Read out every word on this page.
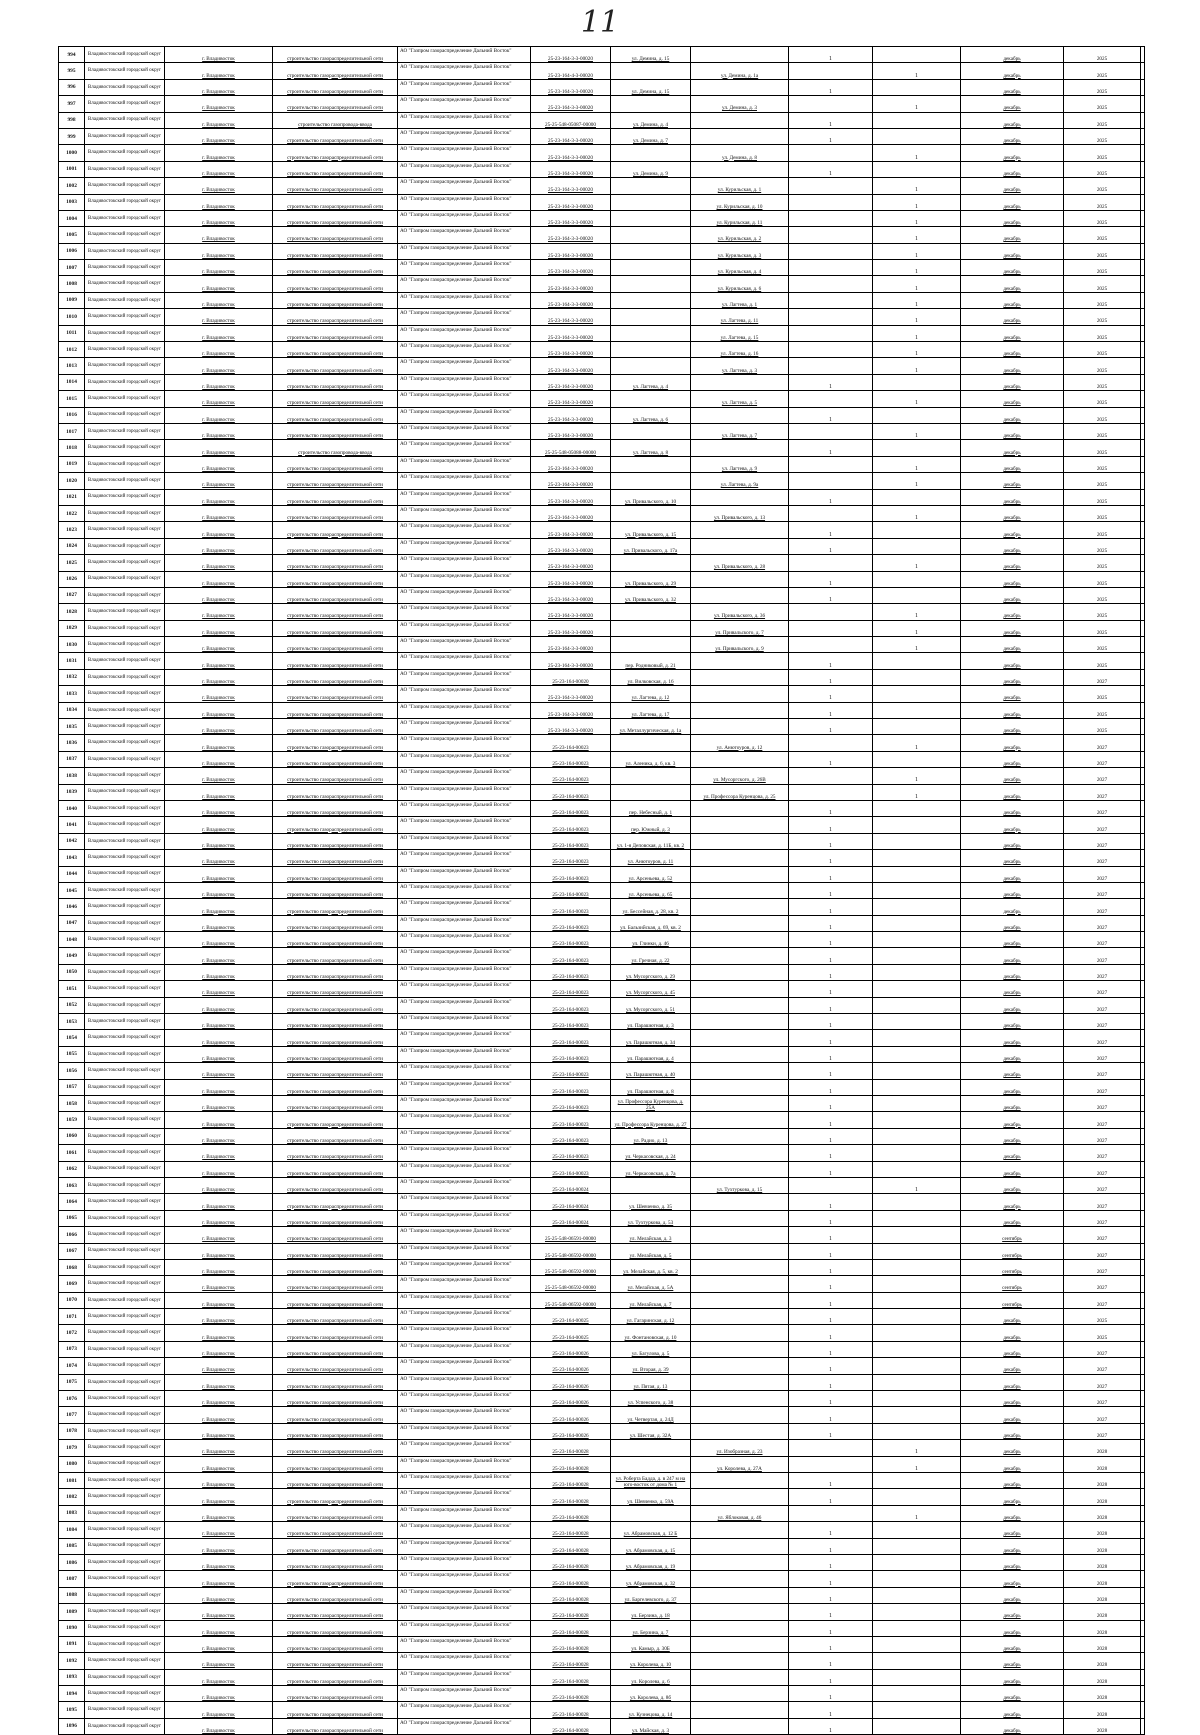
11
994	Владивостокский городской округ	г. Владивосток	строительство газораспределительной сети	АО "Газпром газораспределение Дальний Восток"	25-23-164-3-3-00020	ул. Демина, д. 15		1		декабрь	2025	
995	Владивостокский городской округ	г. Владивосток	строительство газораспределительной сети	АО "Газпром газораспределение Дальний Восток"	25-23-164-4-3-00020		ул. Демина, д. 1а		1	декабрь	2025	
996	Владивостокский городской округ	г. Владивосток	строительство газораспределительной сети	АО "Газпром газораспределение Дальний Восток"	25-23-164-3-3-00020	ул. Демина, д. 15		1		декабрь	2025	
997	Владивостокский городской округ	г. Владивосток	строительство газораспределительной сети	АО "Газпром газораспределение Дальний Восток"	25-23-164-3-3-00020		ул. Демина, д. 3		1	декабрь	2025	
998	Владивостокский городской округ	г. Владивосток	строительство газопровода-ввода	АО "Газпром газораспределение Дальний Восток"	25-25-548-05087-00000	ул. Демина, д. 4		1		декабрь	2025	
999	Владивостокский городской округ	г. Владивосток	строительство газораспределительной сети	АО "Газпром газораспределение Дальний Восток"	25-23-164-3-3-00020	ул. Демина, д. 7		1		декабрь	2025	
1000	Владивостокский городской округ	г. Владивосток	строительство газораспределительной сети	АО "Газпром газораспределение Дальний Восток"	25-23-164-3-3-00020		ул. Демина, д. 8		1	декабрь	2025	
1001	Владивостокский городской округ	г. Владивосток	строительство газораспределительной сети	АО "Газпром газораспределение Дальний Восток"	25-23-164-3-3-00020	ул. Демина, д. 9		1		декабрь	2025	
1002	Владивостокский городской округ	г. Владивосток	строительство газораспределительной сети	АО "Газпром газораспределение Дальний Восток"	25-23-164-3-3-00020		ул. Курильская, д. 1		1	декабрь	2025	
1003	Владивостокский городской округ	г. Владивосток	строительство газораспределительной сети	АО "Газпром газораспределение Дальний Восток"	25-23-164-3-3-00020		ул. Курильская, д. 10		1	декабрь	2025	
1004	Владивостокский городской округ	г. Владивосток	строительство газораспределительной сети	АО "Газпром газораспределение Дальний Восток"	25-23-164-3-3-00020		ул. Курильская, д. 11		1	декабрь	2025	
1005	Владивостокский городской округ	г. Владивосток	строительство газораспределительной сети	АО "Газпром газораспределение Дальний Восток"	25-23-164-3-3-00020		ул. Курильская, д. 2		1	декабрь	2025	
1006	Владивостокский городской округ	г. Владивосток	строительство газораспределительной сети	АО "Газпром газораспределение Дальний Восток"	25-23-164-3-3-00020		ул. Курильская, д. 3		1	декабрь	2025	
1007	Владивостокский городской округ	г. Владивосток	строительство газораспределительной сети	АО "Газпром газораспределение Дальний Восток"	25-23-164-3-3-00020		ул. Курильская, д. 4		1	декабрь	2025	
1008	Владивостокский городской округ	г. Владивосток	строительство газораспределительной сети	АО "Газпром газораспределение Дальний Восток"	25-23-164-3-3-00020		ул. Курильская, д. 6		1	декабрь	2025	
1009	Владивостокский городской округ	г. Владивосток	строительство газораспределительной сети	АО "Газпром газораспределение Дальний Восток"	25-23-164-3-3-00020		ул. Лагтева, д. 1		1	декабрь	2025	
1010	Владивостокский городской округ	г. Владивосток	строительство газораспределительной сети	АО "Газпром газораспределение Дальний Восток"	25-23-164-3-3-00020		ул. Лагтева, д. 11		1	декабрь	2025	
1011	Владивостокский городской округ	г. Владивосток	строительство газораспределительной сети	АО "Газпром газораспределение Дальний Восток"	25-23-164-3-3-00020		ул. Лагтева, д. 15		1	декабрь	2025	
1012	Владивостокский городской округ	г. Владивосток	строительство газораспределительной сети	АО "Газпром газораспределение Дальний Восток"	25-23-164-3-3-00020		ул. Лагтева, д. 16		1	декабрь	2025	
1013	Владивостокский городской округ	г. Владивосток	строительство газораспределительной сети	АО "Газпром газораспределение Дальний Восток"	25-23-164-3-3-00020		ул. Лагтева, д. 3		1	декабрь	2025	
1014	Владивостокский городской округ	г. Владивосток	строительство газораспределительной сети	АО "Газпром газораспределение Дальний Восток"	25-23-164-3-3-00020	ул. Лагтева, д. 4		1		декабрь	2025	
1015	Владивостокский городской округ	г. Владивосток	строительство газораспределительной сети	АО "Газпром газораспределение Дальний Восток"	25-23-164-3-3-00020		ул. Лагтева, д. 5		1	декабрь	2025	
1016	Владивостокский городской округ	г. Владивосток	строительство газораспределительной сети	АО "Газпром газораспределение Дальний Восток"	25-23-164-3-3-00020	ул. Лагтева, д. 6		1		декабрь	2025	
1017	Владивостокский городской округ	г. Владивосток	строительство газораспределительной сети	АО "Газпром газораспределение Дальний Восток"	25-23-164-3-3-00020		ул. Лагтева, д. 7		1	декабрь	2025	
1018	Владивостокский городской округ	г. Владивосток	строительство газопровода-ввода	АО "Газпром газораспределение Дальний Восток"	25-25-548-05088-00000	ул. Лагтева, д. 8		1		декабрь	2025	
1019	Владивостокский городской округ	г. Владивосток	строительство газораспределительной сети	АО "Газпром газораспределение Дальний Восток"	25-23-164-3-3-00020		ул. Лагтева, д. 9		1	декабрь	2025	
1020	Владивостокский городской округ	г. Владивосток	строительство газораспределительной сети	АО "Газпром газораспределение Дальний Восток"	25-23-164-3-3-00020		ул. Лагтева, д. 9а		1	декабрь	2025	
1021	Владивостокский городской округ	г. Владивосток	строительство газораспределительной сети	АО "Газпром газораспределение Дальний Восток"	25-23-164-3-3-00020	ул. Привальского, д. 10		1		декабрь	2025	
1022	Владивостокский городской округ	г. Владивосток	строительство газораспределительной сети	АО "Газпром газораспределение Дальний Восток"	25-23-164-3-3-00020		ул. Привальского, д. 13		1	декабрь	2025	
1023	Владивостокский городской округ	г. Владивосток	строительство газораспределительной сети	АО "Газпром газораспределение Дальний Восток"	25-23-164-3-3-00020	ул. Привальского, д. 15		1		декабрь	2025	
1024	Владивостокский городской округ	г. Владивосток	строительство газораспределительной сети	АО "Газпром газораспределение Дальний Восток"	25-23-164-3-3-00020	ул. Привальского, д. 17а		1		декабрь	2025	
1025	Владивостокский городской округ	г. Владивосток	строительство газораспределительной сети	АО "Газпром газораспределение Дальний Восток"	25-23-164-3-3-00020		ул. Привальского, д. 28		1	декабрь	2025	
1026	Владивостокский городской округ	г. Владивосток	строительство газораспределительной сети	АО "Газпром газораспределение Дальний Восток"	25-23-164-3-3-00020	ул. Привальского, д. 29		1		декабрь	2025	
1027	Владивостокский городской округ	г. Владивосток	строительство газораспределительной сети	АО "Газпром газораспределение Дальний Восток"	25-23-164-3-3-00020	ул. Привальского, д. 32		1		декабрь	2025	
1028	Владивостокский городской округ	г. Владивосток	строительство газораспределительной сети	АО "Газпром газораспределение Дальний Восток"	25-23-164-3-3-00020		ул. Привальского, д. 36		1	декабрь	2025	
1029	Владивостокский городской округ	г. Владивосток	строительство газораспределительной сети	АО "Газпром газораспределение Дальний Восток"	25-23-164-3-3-00020		ул. Привальского, д. 7		1	декабрь	2025	
1030	Владивостокский городской округ	г. Владивосток	строительство газораспределительной сети	АО "Газпром газораспределение Дальний Восток"	25-23-164-3-3-00020		ул. Привальского, д. 9		1	декабрь	2025	
1031	Владивостокский городской округ	г. Владивосток	строительство газораспределительной сети	АО "Газпром газораспределение Дальний Восток"	25-23-164-3-3-00020	пер. Родниковый, д. 21		1		декабрь	2025	
1032	Владивостокский городской округ	г. Владивосток	строительство газораспределительной сети	АО "Газпром газораспределение Дальний Восток"	25-23-164-00020	ул. Вилковская, д. 16		1		декабрь	2027	
1033	Владивостокский городской округ	г. Владивосток	строительство газораспределительной сети	АО "Газпром газораспределение Дальний Восток"	25-23-164-3-3-00020	ул. Лагтева, д. 12		1		декабрь	2025	
1034	Владивостокский городской округ	г. Владивосток	строительство газораспределительной сети	АО "Газпром газораспределение Дальний Восток"	25-23-164-3-3-00020	ул. Лагтева, д. 17		1		декабрь	2025	
1035	Владивостокский городской округ	г. Владивосток	строительство газораспределительной сети	АО "Газпром газораспределение Дальний Восток"	25-23-164-3-3-00020	ул. Металлургическая, д. 1а		1		декабрь	2025	
1036	Владивостокский городской округ	г. Владивосток	строительство газораспределительной сети	АО "Газпром газораспределение Дальний Восток"	25-23-164-00023		ул. Анютоуров, д. 12		1	декабрь	2027	
1037	Владивостокский городской округ	г. Владивосток	строительство газораспределительной сети	АО "Газпром газораспределение Дальний Восток"	25-23-164-00023	ул. Аленика, д. 6, кв. 3		1		декабрь	2027	
1038	Владивостокский городской округ	г. Владивосток	строительство газораспределительной сети	АО "Газпром газораспределение Дальний Восток"	25-23-164-00023		ул. Мусоргского, д. 26В		1	декабрь	2027	
1039	Владивостокский городской округ	г. Владивосток	строительство газораспределительной сети	АО "Газпром газораспределение Дальний Восток"	25-23-164-00023		ул. Профессора Куренцова, д. 25		1	декабрь	2027	
1040	Владивостокский городской округ	г. Владивосток	строительство газораспределительной сети	АО "Газпром газораспределение Дальний Восток"	25-23-164-00023	пер. Небесный, д. 1		1		декабрь	2027	
1041	Владивостокский городской округ	г. Владивосток	строительство газораспределительной сети	АО "Газпром газораспределение Дальний Восток"	25-23-164-00023	пер. Южный, д. 3		1		декабрь	2027	
1042	Владивостокский городской округ	г. Владивосток	строительство газораспределительной сети	АО "Газпром газораспределение Дальний Восток"	25-23-164-00023	ул. 1-я Деповская, д. 11Б, кв. 2		1		декабрь	2027	
1043	Владивостокский городской округ	г. Владивосток	строительство газораспределительной сети	АО "Газпром газораспределение Дальний Восток"	25-23-164-00023	ул. Анютоуров, д. 11		1		декабрь	2027	
1044	Владивостокский городской округ	г. Владивосток	строительство газораспределительной сети	АО "Газпром газораспределение Дальний Восток"	25-23-164-00023	ул. Арсеньева, д. 52		1		декабрь	2027	
1045	Владивостокский городской округ	г. Владивосток	строительство газораспределительной сети	АО "Газпром газораспределение Дальний Восток"	25-23-164-00023	ул. Арсеньева, д. 65		1		декабрь	2027	
1046	Владивостокский городской округ	г. Владивосток	строительство газораспределительной сети	АО "Газпром газораспределение Дальний Восток"	25-23-164-00023	ул. Бессейная, д. 28, кв. 2		1		декабрь	2027	
1047	Владивостокский городской округ	г. Владивосток	строительство газораспределительной сети	АО "Газпром газораспределение Дальний Восток"	25-23-164-00023	ул. Бальзийская, д. 69, кв. 2		1		декабрь	2027	
1048	Владивостокский городской округ	г. Владивосток	строительство газораспределительной сети	АО "Газпром газораспределение Дальний Восток"	25-23-164-00023	ул. Глинки, д. 46		1		декабрь	2027	
1049	Владивостокский городской округ	г. Владивосток	строительство газораспределительной сети	АО "Газпром газораспределение Дальний Восток"	25-23-164-00023	ул. Гречная, д. 22		1		декабрь	2027	
1050	Владивостокский городской округ	г. Владивосток	строительство газораспределительной сети	АО "Газпром газораспределение Дальний Восток"	25-23-164-00023	ул. Мусоргского, д. 29		1		декабрь	2027	
1051	Владивостокский городской округ	г. Владивосток	строительство газораспределительной сети	АО "Газпром газораспределение Дальний Восток"	25-23-164-00023	ул. Мусоргского, д. 45		1		декабрь	2027	
1052	Владивостокский городской округ	г. Владивосток	строительство газораспределительной сети	АО "Газпром газораспределение Дальний Восток"	25-23-164-00023	ул. Мусоргского, д. 51		1		декабрь	2027	
1053	Владивостокский городской округ	г. Владивосток	строительство газораспределительной сети	АО "Газпром газораспределение Дальний Восток"	25-23-164-00023	ул. Парашютная, д. 3		1		декабрь	2027	
1054	Владивостокский городской округ	г. Владивосток	строительство газораспределительной сети	АО "Газпром газораспределение Дальний Восток"	25-23-164-00023	ул. Парашютная, д. 34		1		декабрь	2027	
1055	Владивостокский городской округ	г. Владивосток	строительство газораспределительной сети	АО "Газпром газораспределение Дальний Восток"	25-23-164-00023	ул. Парашютная, д. 4		1		декабрь	2027	
1056	Владивостокский городской округ	г. Владивосток	строительство газораспределительной сети	АО "Газпром газораспределение Дальний Восток"	25-23-164-00023	ул. Парашютная, д. 40		1		декабрь	2027	
1057	Владивостокский городской округ	г. Владивосток	строительство газораспределительной сети	АО "Газпром газораспределение Дальний Восток"	25-23-164-00023	ул. Парашютная, д. 8		1		декабрь	2027	
1058	Владивостокский городской округ	г. Владивосток	строительство газораспределительной сети	АО "Газпром газораспределение Дальний Восток"	25-23-164-00023	ул. Профессора Куренцова, д. 25А		1		декабрь	2027	
1059	Владивостокский городской округ	г. Владивосток	строительство газораспределительной сети	АО "Газпром газораспределение Дальний Восток"	25-23-164-00023	ул. Профессора Куренцова, д. 27		1		декабрь	2027	
1060	Владивостокский городской округ	г. Владивосток	строительство газораспределительной сети	АО "Газпром газораспределение Дальний Восток"	25-23-164-00023	ул. Радио, д. 13		1		декабрь	2027	
1061	Владивостокский городской округ	г. Владивосток	строительство газораспределительной сети	АО "Газпром газораспределение Дальний Восток"	25-23-164-00023	ул. Черкасовская, д. 24		1		декабрь	2027	
1062	Владивостокский городской округ	г. Владивосток	строительство газораспределительной сети	АО "Газпром газораспределение Дальний Восток"	25-23-164-00023	ул. Черкасовская, д. 7а		1		декабрь	2027	
1063	Владивостокский городской округ	г. Владивосток	строительство газораспределительной сети	АО "Газпром газораспределение Дальний Восток"	25-23-164-00024		ул. Тухтуркова, д. 15		1	декабрь	2027	
1064	Владивостокский городской округ	г. Владивосток	строительство газораспределительной сети	АО "Газпром газораспределение Дальний Восток"	25-23-164-00024	ул. Шевченко, д. 35		1		декабрь	2027	
1065	Владивостокский городской округ	г. Владивосток	строительство газораспределительной сети	АО "Газпром газораспределение Дальний Восток"	25-23-164-00024	ул. Тухтуркова, д. 53		1		декабрь	2027	
1066	Владивостокский городской округ	г. Владивосток	строительство газораспределительной сети	АО "Газпром газораспределение Дальний Восток"	25-25-548-06591-00000	ул. Мелайская, д. 3		1		сентябрь	2027	
1067	Владивостокский городской округ	г. Владивосток	строительство газораспределительной сети	АО "Газпром газораспределение Дальний Восток"	25-25-548-06592-00000	ул. Мелайская, д. 5		1		сентябрь	2027	
1068	Владивостокский городской округ	г. Владивосток	строительство газораспределительной сети	АО "Газпром газораспределение Дальний Восток"	25-25-548-06592-00000	ул. Мелайская, д. 5, кв. 2		1		сентябрь	2027	
1069	Владивостокский городской округ	г. Владивосток	строительство газораспределительной сети	АО "Газпром газораспределение Дальний Восток"	25-25-548-06592-00000	ул. Мелайская, д. 5А		1		сентябрь	2027	
1070	Владивостокский городской округ	г. Владивосток	строительство газораспределительной сети	АО "Газпром газораспределение Дальний Восток"	25-25-548-06592-00000	ул. Мелайская, д. 7		1		сентябрь	2027	
1071	Владивостокский городской округ	г. Владивосток	строительство газораспределительной сети	АО "Газпром газораспределение Дальний Восток"	25-23-164-00025	ул. Гагаринская, д. 12		1		декабрь	2025	
1072	Владивостокский городской округ	г. Владивосток	строительство газораспределительной сети	АО "Газпром газораспределение Дальний Восток"	25-23-164-00025	ул. Фонтановская, д. 10		1		декабрь	2025	
1073	Владивостокский городской округ	г. Владивосток	строительство газораспределительной сети	АО "Газпром газораспределение Дальний Восток"	25-23-164-00026	ул. Багулова, д. 5		1		декабрь	2027	
1074	Владивостокский городской округ	г. Владивосток	строительство газораспределительной сети	АО "Газпром газораспределение Дальний Восток"	25-23-164-00026	ул. Вторая, д. 39		1		декабрь	2027	
1075	Владивостокский городской округ	г. Владивосток	строительство газораспределительной сети	АО "Газпром газораспределение Дальний Восток"	25-23-164-00026	ул. Пятая, д. 13		1		декабрь	2027	
1076	Владивостокский городской округ	г. Владивосток	строительство газораспределительной сети	АО "Газпром газораспределение Дальний Восток"	25-23-164-00026	ул. Успенского, д. 38		1		декабрь	2027	
1077	Владивостокский городской округ	г. Владивосток	строительство газораспределительной сети	АО "Газпром газораспределение Дальний Восток"	25-23-164-00026	ул. Четвертая, д. 24Д		1		декабрь	2027	
1078	Владивостокский городской округ	г. Владивосток	строительство газораспределительной сети	АО "Газпром газораспределение Дальний Восток"	25-23-164-00026	ул. Шестая, д. 32А		1		декабрь	2027	
1079	Владивостокский городской округ	г. Владивосток	строительство газораспределительной сети	АО "Газпром газораспределение Дальний Восток"	25-23-164-00028		ул. Изобразная, д. 23		1	декабрь	2028	
1080	Владивостокский городской округ	г. Владивосток	строительство газораспределительной сети	АО "Газпром газораспределение Дальний Восток"	25-23-164-00028		ул. Королева, д. 27А		1	декабрь	2028	
1081	Владивостокский городской округ	г. Владивосток	строительство газораспределительной сети	АО "Газпром газораспределение Дальний Восток"	25-23-164-00028	ул. Роберта Бадда, д. в 247 м на юго-восток от дома № 1		1		декабрь	2028	
1082	Владивостокский городской округ	г. Владивосток	строительство газораспределительной сети	АО "Газпром газораспределение Дальний Восток"	25-23-164-00028	ул. Шевченко, д. 59А		1		декабрь	2028	
1083	Владивостокский городской округ	г. Владивосток	строительство газораспределительной сети	АО "Газпром газораспределение Дальний Восток"	25-23-164-00028		ул. Яблоковая, д. 46		1	декабрь	2028	
1084	Владивостокский городской округ	г. Владивосток	строительство газораспределительной сети	АО "Газпром газораспределение Дальний Восток"	25-23-164-00028	ул. Абрамовская, д. 12 Б		1		декабрь	2028	
1085	Владивостокский городской округ	г. Владивосток	строительство газораспределительной сети	АО "Газпром газораспределение Дальний Восток"	25-23-164-00028	ул. Абрамовская, д. 15		1		декабрь	2028	
1086	Владивостокский городской округ	г. Владивосток	строительство газораспределительной сети	АО "Газпром газораспределение Дальний Восток"	25-23-164-00028	ул. Абрамовская, д. 19		1		декабрь	2028	
1087	Владивостокский городской округ	г. Владивосток	строительство газораспределительной сети	АО "Газпром газораспределение Дальний Восток"	25-23-164-00028	ул. Абрамовская, д. 32		1		декабрь	2028	
1088	Владивостокский городской округ	г. Владивосток	строительство газораспределительной сети	АО "Газпром газораспределение Дальний Восток"	25-23-164-00028	ул. Баргелевского, д. 37		1		декабрь	2028	
1089	Владивостокский городской округ	г. Владивосток	строительство газораспределительной сети	АО "Газпром газораспределение Дальний Восток"	25-23-164-00028	ул. Берзина, д. 18		1		декабрь	2028	
1090	Владивостокский городской округ	г. Владивосток	строительство газораспределительной сети	АО "Газпром газораспределение Дальний Восток"	25-23-164-00028	ул. Берзина, д. 7		1		декабрь	2028	
1091	Владивостокский городской округ	г. Владивосток	строительство газораспределительной сети	АО "Газпром газораспределение Дальний Восток"	25-23-164-00028	ул. Камыр, д. 30Б		1		декабрь	2028	
1092	Владивостокский городской округ	г. Владивосток	строительство газораспределительной сети	АО "Газпром газораспределение Дальний Восток"	25-23-164-00028	ул. Королева, д. 10		1		декабрь	2028	
1093	Владивостокский городской округ	г. Владивосток	строительство газораспределительной сети	АО "Газпром газораспределение Дальний Восток"	25-23-164-00028	ул. Королева, д. 6		1		декабрь	2028	
1094	Владивостокский городской округ	г. Владивосток	строительство газораспределительной сети	АО "Газпром газораспределение Дальний Восток"	25-23-164-00028	ул. Королева, д. 8б		1		декабрь	2028	
1095	Владивостокский городской округ	г. Владивосток	строительство газораспределительной сети	АО "Газпром газораспределение Дальний Восток"	25-23-164-00028	ул. Кузнецова, д. 14		1		декабрь	2028	
1096	Владивостокский городской округ	г. Владивосток	строительство газораспределительной сети	АО "Газпром газораспределение Дальний Восток"	25-23-164-00028	ул. Майская, д. 3		1		декабрь	2028	
